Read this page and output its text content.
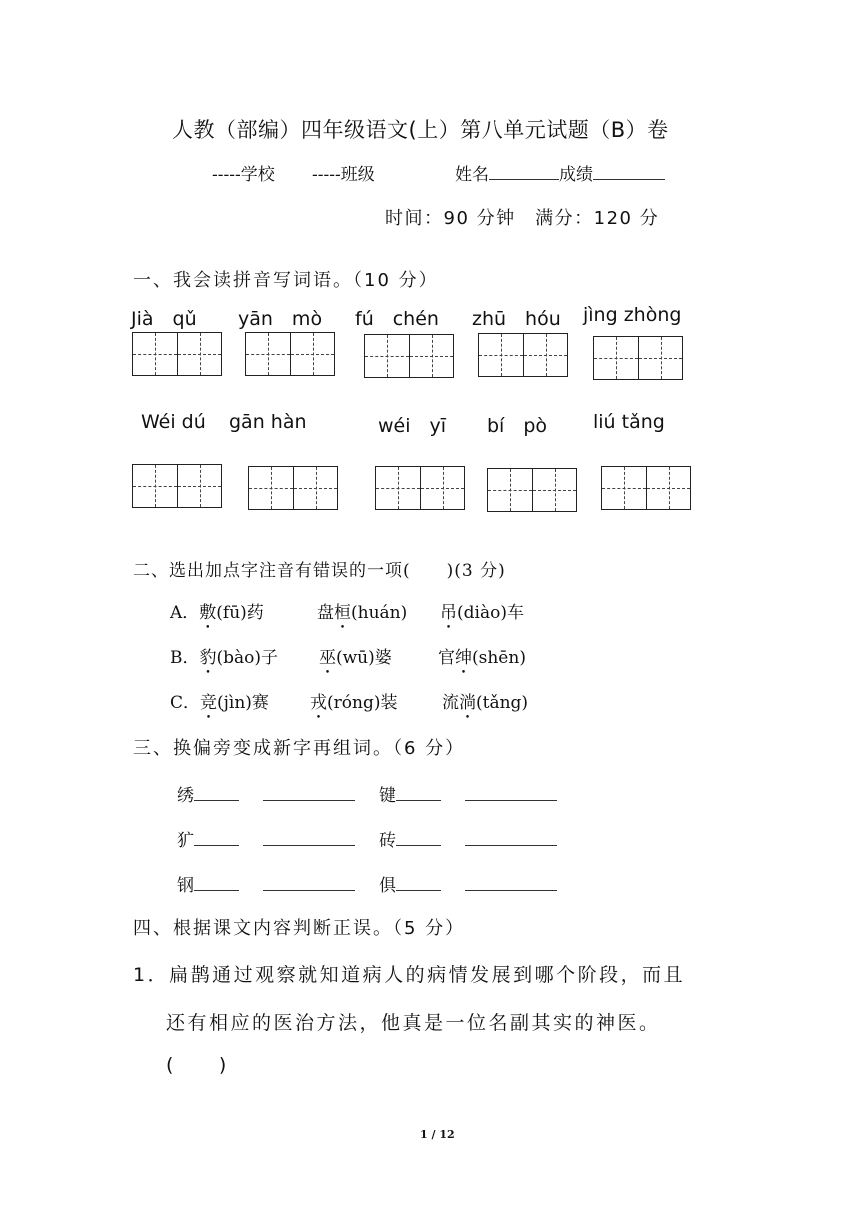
人教（部编）四年级语文(上）第八单元试题（B）卷
-----学校 -----班级	姓名	成绩
时间：90 分钟　满分：120 分
一、我会读拼音写词语。（10 分）
Jià　qǔ yān　mò fú　chén zhū　hóu jìng zhòng
Wéi dú gān hàn	wéi　yī bí　pò liú tǎng
二、选出加点字注音有错误的一项(　　)(3 分)
A．敷(fū)药	盘桓(huán) 吊(diào)车
B．豹(bào)子 巫(wū)婆	官绅(shēn)
C．竞(jìn)赛 戎(róng)装	流淌(tǎng)
三、换偏旁变成新字再组词。（6 分）
绣	键
犷	砖
钢	俱
四、根据课文内容判断正误。（5 分）
1．扁鹊通过观察就知道病人的病情发展到哪个阶段，而且
还有相应的医治方法，他真是一位名副其实的神医。
(　　)
1 / 12
